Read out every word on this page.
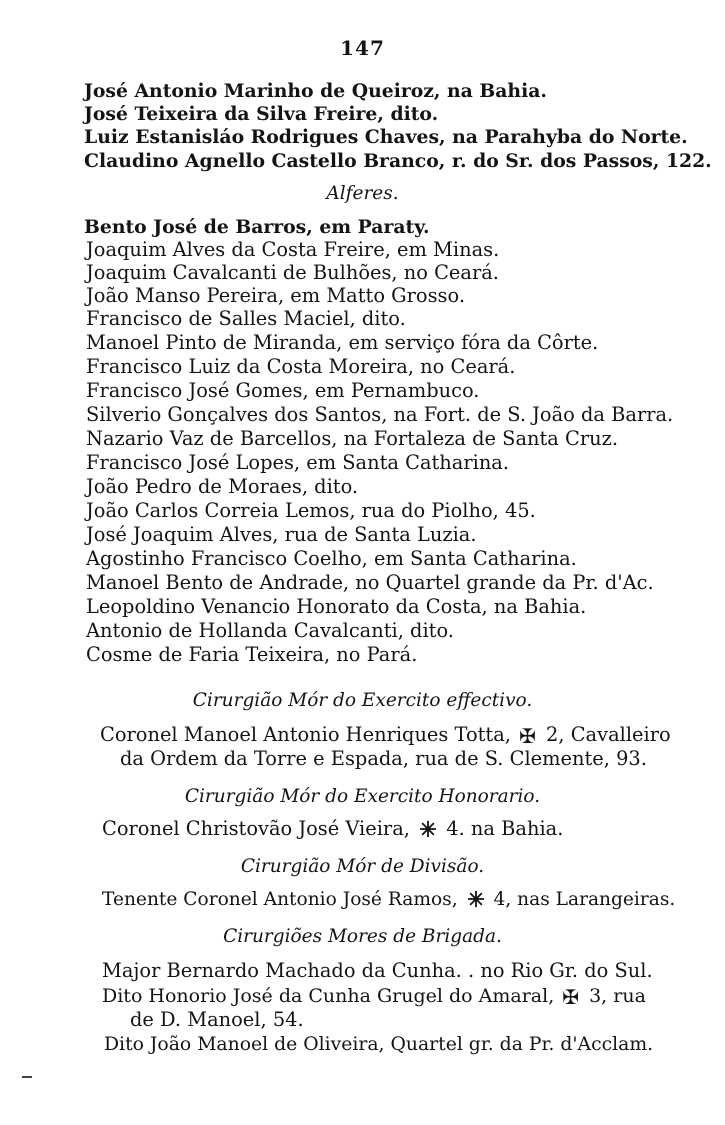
147
José Antonio Marinho de Queiroz, na Bahia.
José Teixeira da Silva Freire, dito.
Luiz Estanisláo Rodrigues Chaves, na Parahyba do Norte.
Claudino Agnello Castello Branco, r. do Sr. dos Passos, 122.
Alferes.
Bento José de Barros, em Paraty.
Joaquim Alves da Costa Freire, em Minas.
Joaquim Cavalcanti de Bulhões, no Ceará.
João Manso Pereira, em Matto Grosso.
Francisco de Salles Maciel, dito.
Manoel Pinto de Miranda, em serviço fóra da Côrte.
Francisco Luiz da Costa Moreira, no Ceará.
Francisco José Gomes, em Pernambuco.
Silverio Gonçalves dos Santos, na Fort. de S. João da Barra.
Nazario Vaz de Barcellos, na Fortaleza de Santa Cruz.
Francisco José Lopes, em Santa Catharina.
João Pedro de Moraes, dito.
João Carlos Correia Lemos, rua do Piolho, 45.
José Joaquim Alves, rua de Santa Luzia.
Agostinho Francisco Coelho, em Santa Catharina.
Manoel Bento de Andrade, no Quartel grande da Pr. d'Ac.
Leopoldino Venancio Honorato da Costa, na Bahia.
Antonio de Hollanda Cavalcanti, dito.
Cosme de Faria Teixeira, no Pará.
Cirurgião Mór do Exercito effectivo.
Coronel Manoel Antonio Henriques Totta, ✠ 2, Cavalleiro
da Ordem da Torre e Espada, rua de S. Clemente, 93.
Cirurgião Mór do Exercito Honorario.
Coronel Christovão José Vieira, 4. na Bahia.
Cirurgião Mór de Divisão.
Tenente Coronel Antonio José Ramos, 4, nas Larangeiras.
Cirurgiões Mores de Brigada.
Major Bernardo Machado da Cunha. . no Rio Gr. do Sul.
Dito Honorio José da Cunha Grugel do Amaral, ✠ 3, rua
de D. Manoel, 54.
Dito João Manoel de Oliveira, Quartel gr. da Pr. d'Acclam.
